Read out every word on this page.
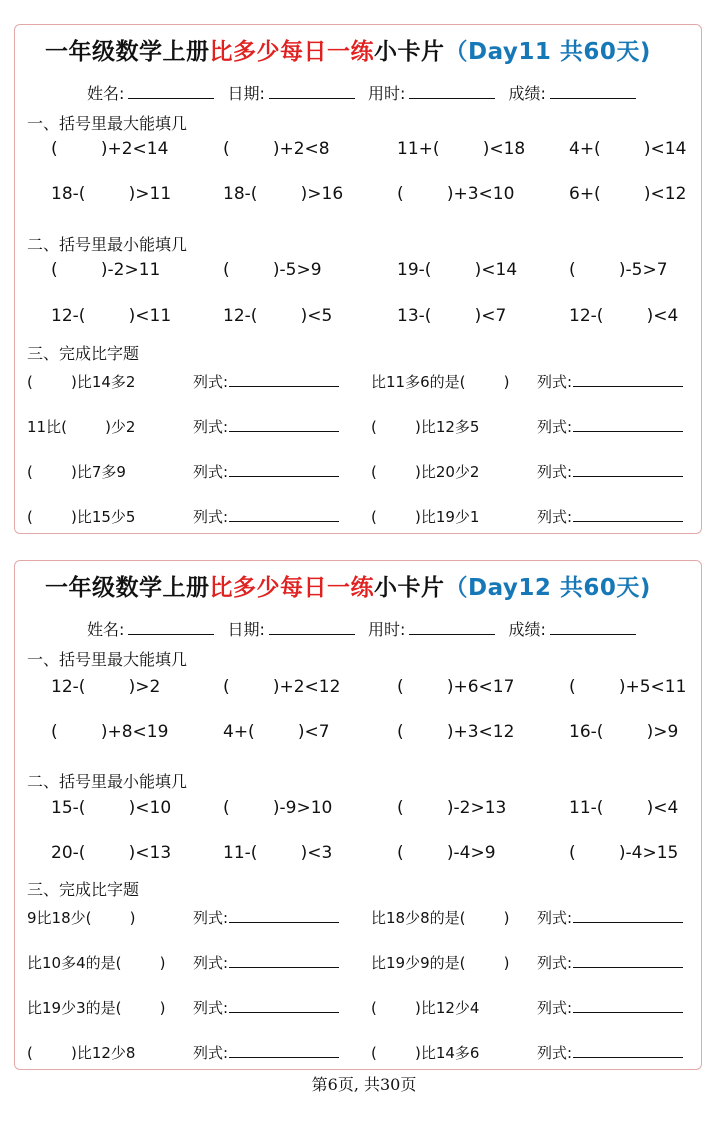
一年级数学上册比多少每日一练小卡片（Day11 共60天)
姓名:	日期:	用时:	成绩:
一、括号里最大能填几
(        )+2<14	(        )+2<8	11+(        )<18	4+(        )<14
18-(        )>11	18-(        )>16	(        )+3<10	6+(        )<12
二、括号里最小能填几
(        )-2>11	(        )-5>9	19-(        )<14	(        )-5>7
12-(        )<11	12-(        )<5	13-(        )<7	12-(        )<4
三、完成比字题
(        )比14多2	列式:	比11多6的是(        ) 列式:
11比(        )少2	列式:	(        )比12多5	列式:
(        )比7多9	列式:	(        )比20少2	列式:
(        )比15少5	列式:	(        )比19少1	列式:
一年级数学上册比多少每日一练小卡片（Day12 共60天)
姓名:	日期:	用时:	成绩:
一、括号里最大能填几
12-(        )>2	(        )+2<12	(        )+6<17	(        )+5<11
(        )+8<19	4+(        )<7	(        )+3<12	16-(        )>9
二、括号里最小能填几
15-(        )<10	(        )-9>10	(        )-2>13	11-(        )<4
20-(        )<13	11-(        )<3	(        )-4>9	(        )-4>15
三、完成比字题
9比18少(        )	列式:	比18少8的是(        ) 列式:
比10多4的是(        ) 列式:	比19少9的是(        ) 列式:
比19少3的是(        ) 列式:	(        )比12少4	列式:
(        )比12少8	列式:	(        )比14多6	列式:
第6页, 共30页
